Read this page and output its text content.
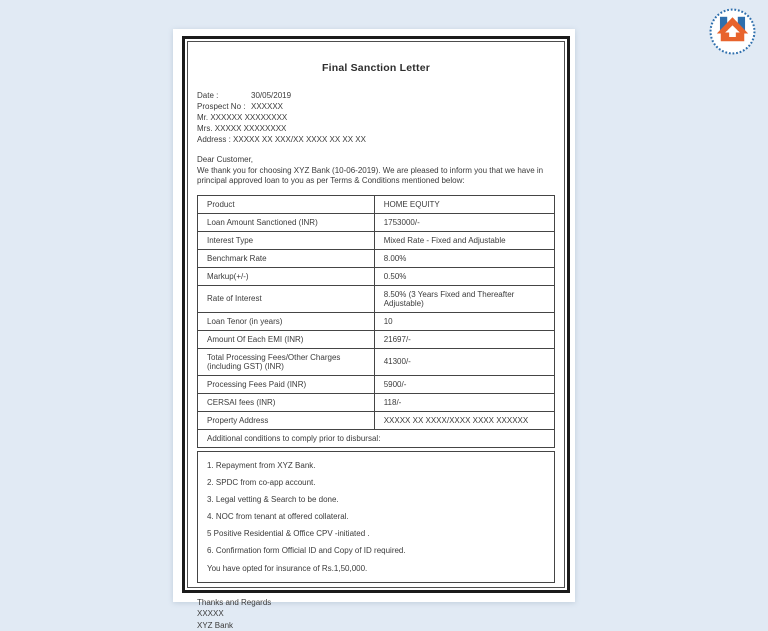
Final Sanction Letter
Date :	30/05/2019
Prospect No : XXXXXX
Mr. XXXXXX XXXXXXXX
Mrs. XXXXX XXXXXXXX
Address : XXXXX XX XXX/XX XXXX XX XX XX
Dear Customer,
We thank you for choosing XYZ Bank (10-06-2019). We are pleased to inform you that we have in principal approved loan to you as per Terms & Conditions mentioned below:
Product	HOME EQUITY
Loan Amount Sanctioned (INR)	1753000/-
Interest Type	Mixed Rate - Fixed and Adjustable
Benchmark Rate	8.00%
Markup(+/-)	0.50%
Rate of Interest	8.50% (3 Years Fixed and Thereafter Adjustable)
Loan Tenor (in years)	10
Amount Of Each EMI (INR)	21697/-
Total Processing Fees/Other Charges (including GST) (INR)	41300/-
Processing Fees Paid (INR)	5900/-
CERSAI fees (INR)	118/-
Property Address	XXXXX XX XXXX/XXXX XXXX XXXXXX
Additional conditions to comply prior to disbursal:	
1. Repayment from XYZ Bank.
2. SPDC from co-app account.
3. Legal vetting & Search to be done.
4. NOC from tenant at offered collateral.
5 Positive Residential & Office CPV -initiated .
6. Confirmation form Official ID and Copy of ID required.
You have opted for insurance of Rs.1,50,000.
Thanks and Regards
XXXXX
XYZ Bank
